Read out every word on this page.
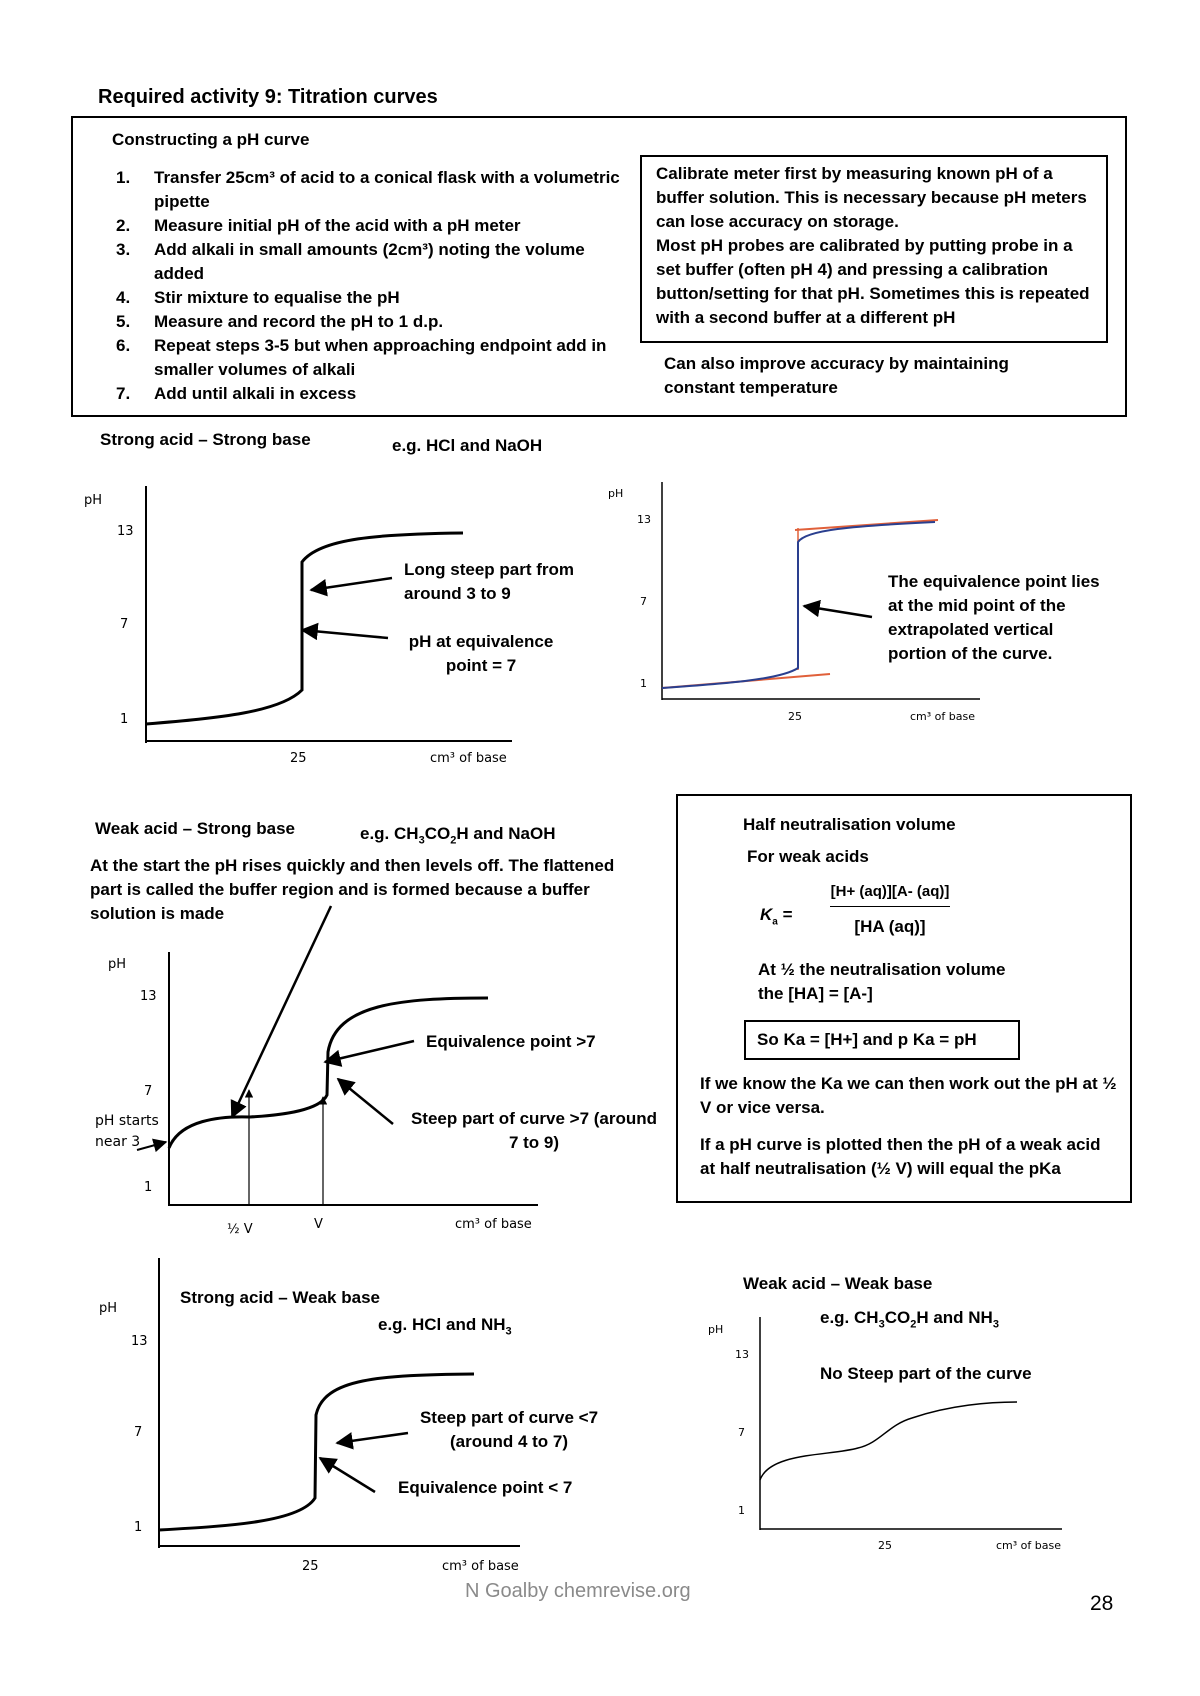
Required activity 9: Titration curves
Constructing a pH curve
1. Transfer 25cm³ of acid to a conical flask with a volumetric pipette
2. Measure initial pH of the acid with a pH meter
3. Add alkali in small amounts (2cm³) noting the volume added
4. Stir mixture to equalise the pH
5. Measure and record the pH to 1 d.p.
6. Repeat steps 3-5 but when approaching endpoint add in smaller volumes of alkali
7. Add until alkali in excess
Calibrate meter first by measuring known pH of a buffer solution. This is necessary because pH meters can lose accuracy on storage.
Most pH probes are calibrated by putting probe in a set buffer (often pH 4) and pressing a calibration button/setting for that pH. Sometimes this is repeated with a second buffer at a different pH
Can also improve accuracy by maintaining constant temperature
Strong acid – Strong base	e.g. HCl and NaOH
pH
13
7
1
25	cm³ of base
pH
13
7
1
25	cm³ of base
pH
13
7
1
pH starts
near 3
½ V	V	cm³ of base
pH
13
7
1
25	cm³ of base
pH
13
7
1
25	cm³ of base
Long steep part from around 3 to 9
pH at equivalence point = 7
The equivalence point lies at the mid point of the extrapolated vertical portion of the curve.
Weak acid – Strong base	e.g. $CH_3CO_2H$ and NaOH
At the start the pH rises quickly and then levels off. The flattened part is called the buffer region and is formed because a buffer solution is made
Equivalence point >7
Steep part of curve >7 (around 7 to 9)
Half neutralisation volume
For weak acids
$K_a$ =
[H+ (aq)][A- (aq)]
[HA (aq)]
At ½ the neutralisation volume
the [HA] = [A-]
So Ka = [H+] and p Ka = pH
If we know the Ka we can then work out the pH at ½ V or vice versa.
If a pH curve is plotted then the pH of a weak acid at half neutralisation (½ V) will equal the pKa
Strong acid – Weak base
e.g. HCl and $NH_3$
Steep part of curve <7 (around 4 to 7)
Equivalence point < 7
Weak acid – Weak base
e.g. $CH_3CO_2H$ and $NH_3$
No Steep part of the curve
N Goalby chemrevise.org
28
